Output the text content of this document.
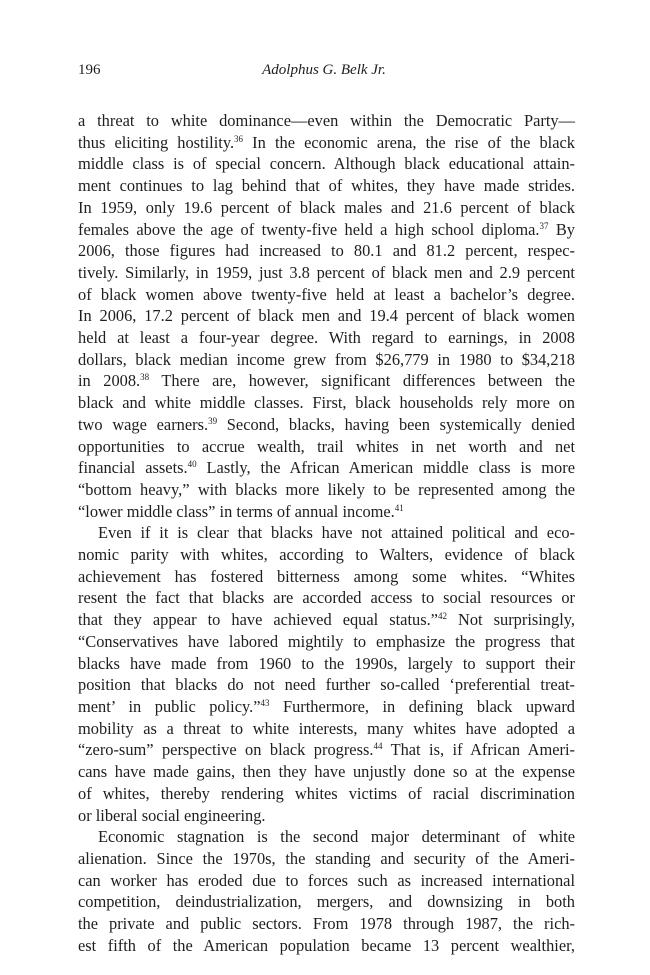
196	Adolphus G. Belk Jr.
a threat to white dominance—even within the Democratic Party—
thus eliciting hostility.$^{36}$ In the economic arena, the rise of the black
middle class is of special concern. Although black educational attain-
ment continues to lag behind that of whites, they have made strides.
In 1959, only 19.6 percent of black males and 21.6 percent of black
females above the age of twenty-five held a high school diploma.$^{37}$ By
2006, those figures had increased to 80.1 and 81.2 percent, respec-
tively. Similarly, in 1959, just 3.8 percent of black men and 2.9 percent
of black women above twenty-five held at least a bachelor’s degree.
In 2006, 17.2 percent of black men and 19.4 percent of black women
held at least a four-year degree. With regard to earnings, in 2008
dollars, black median income grew from $26,779 in 1980 to $34,218
in 2008.38 There are, however, significant differences between the
black and white middle classes. First, black households rely more on
two wage earners.$^{39}$ Second, blacks, having been systemically denied
opportunities to accrue wealth, trail whites in net worth and net
financial assets.$^{40}$ Lastly, the African American middle class is more
“bottom heavy,” with blacks more likely to be represented among the
“lower middle class” in terms of annual income.$^{41}$
Even if it is clear that blacks have not attained political and eco-
nomic parity with whites, according to Walters, evidence of black
achievement has fostered bitterness among some whites. “Whites
resent the fact that blacks are accorded access to social resources or
that they appear to have achieved equal status.”$^{42}$ Not surprisingly,
“Conservatives have labored mightily to emphasize the progress that
blacks have made from 1960 to the 1990s, largely to support their
position that blacks do not need further so-called ‘preferential treat-
ment’ in public policy.”$^{43}$ Furthermore, in defining black upward
mobility as a threat to white interests, many whites have adopted a
“zero-sum” perspective on black progress.$^{44}$ That is, if African Ameri-
cans have made gains, then they have unjustly done so at the expense
of whites, thereby rendering whites victims of racial discrimination
or liberal social engineering.
Economic stagnation is the second major determinant of white
alienation. Since the 1970s, the standing and security of the Ameri-
can worker has eroded due to forces such as increased international
competition, deindustrialization, mergers, and downsizing in both
the private and public sectors. From 1978 through 1987, the rich-
est fifth of the American population became 13 percent wealthier,
